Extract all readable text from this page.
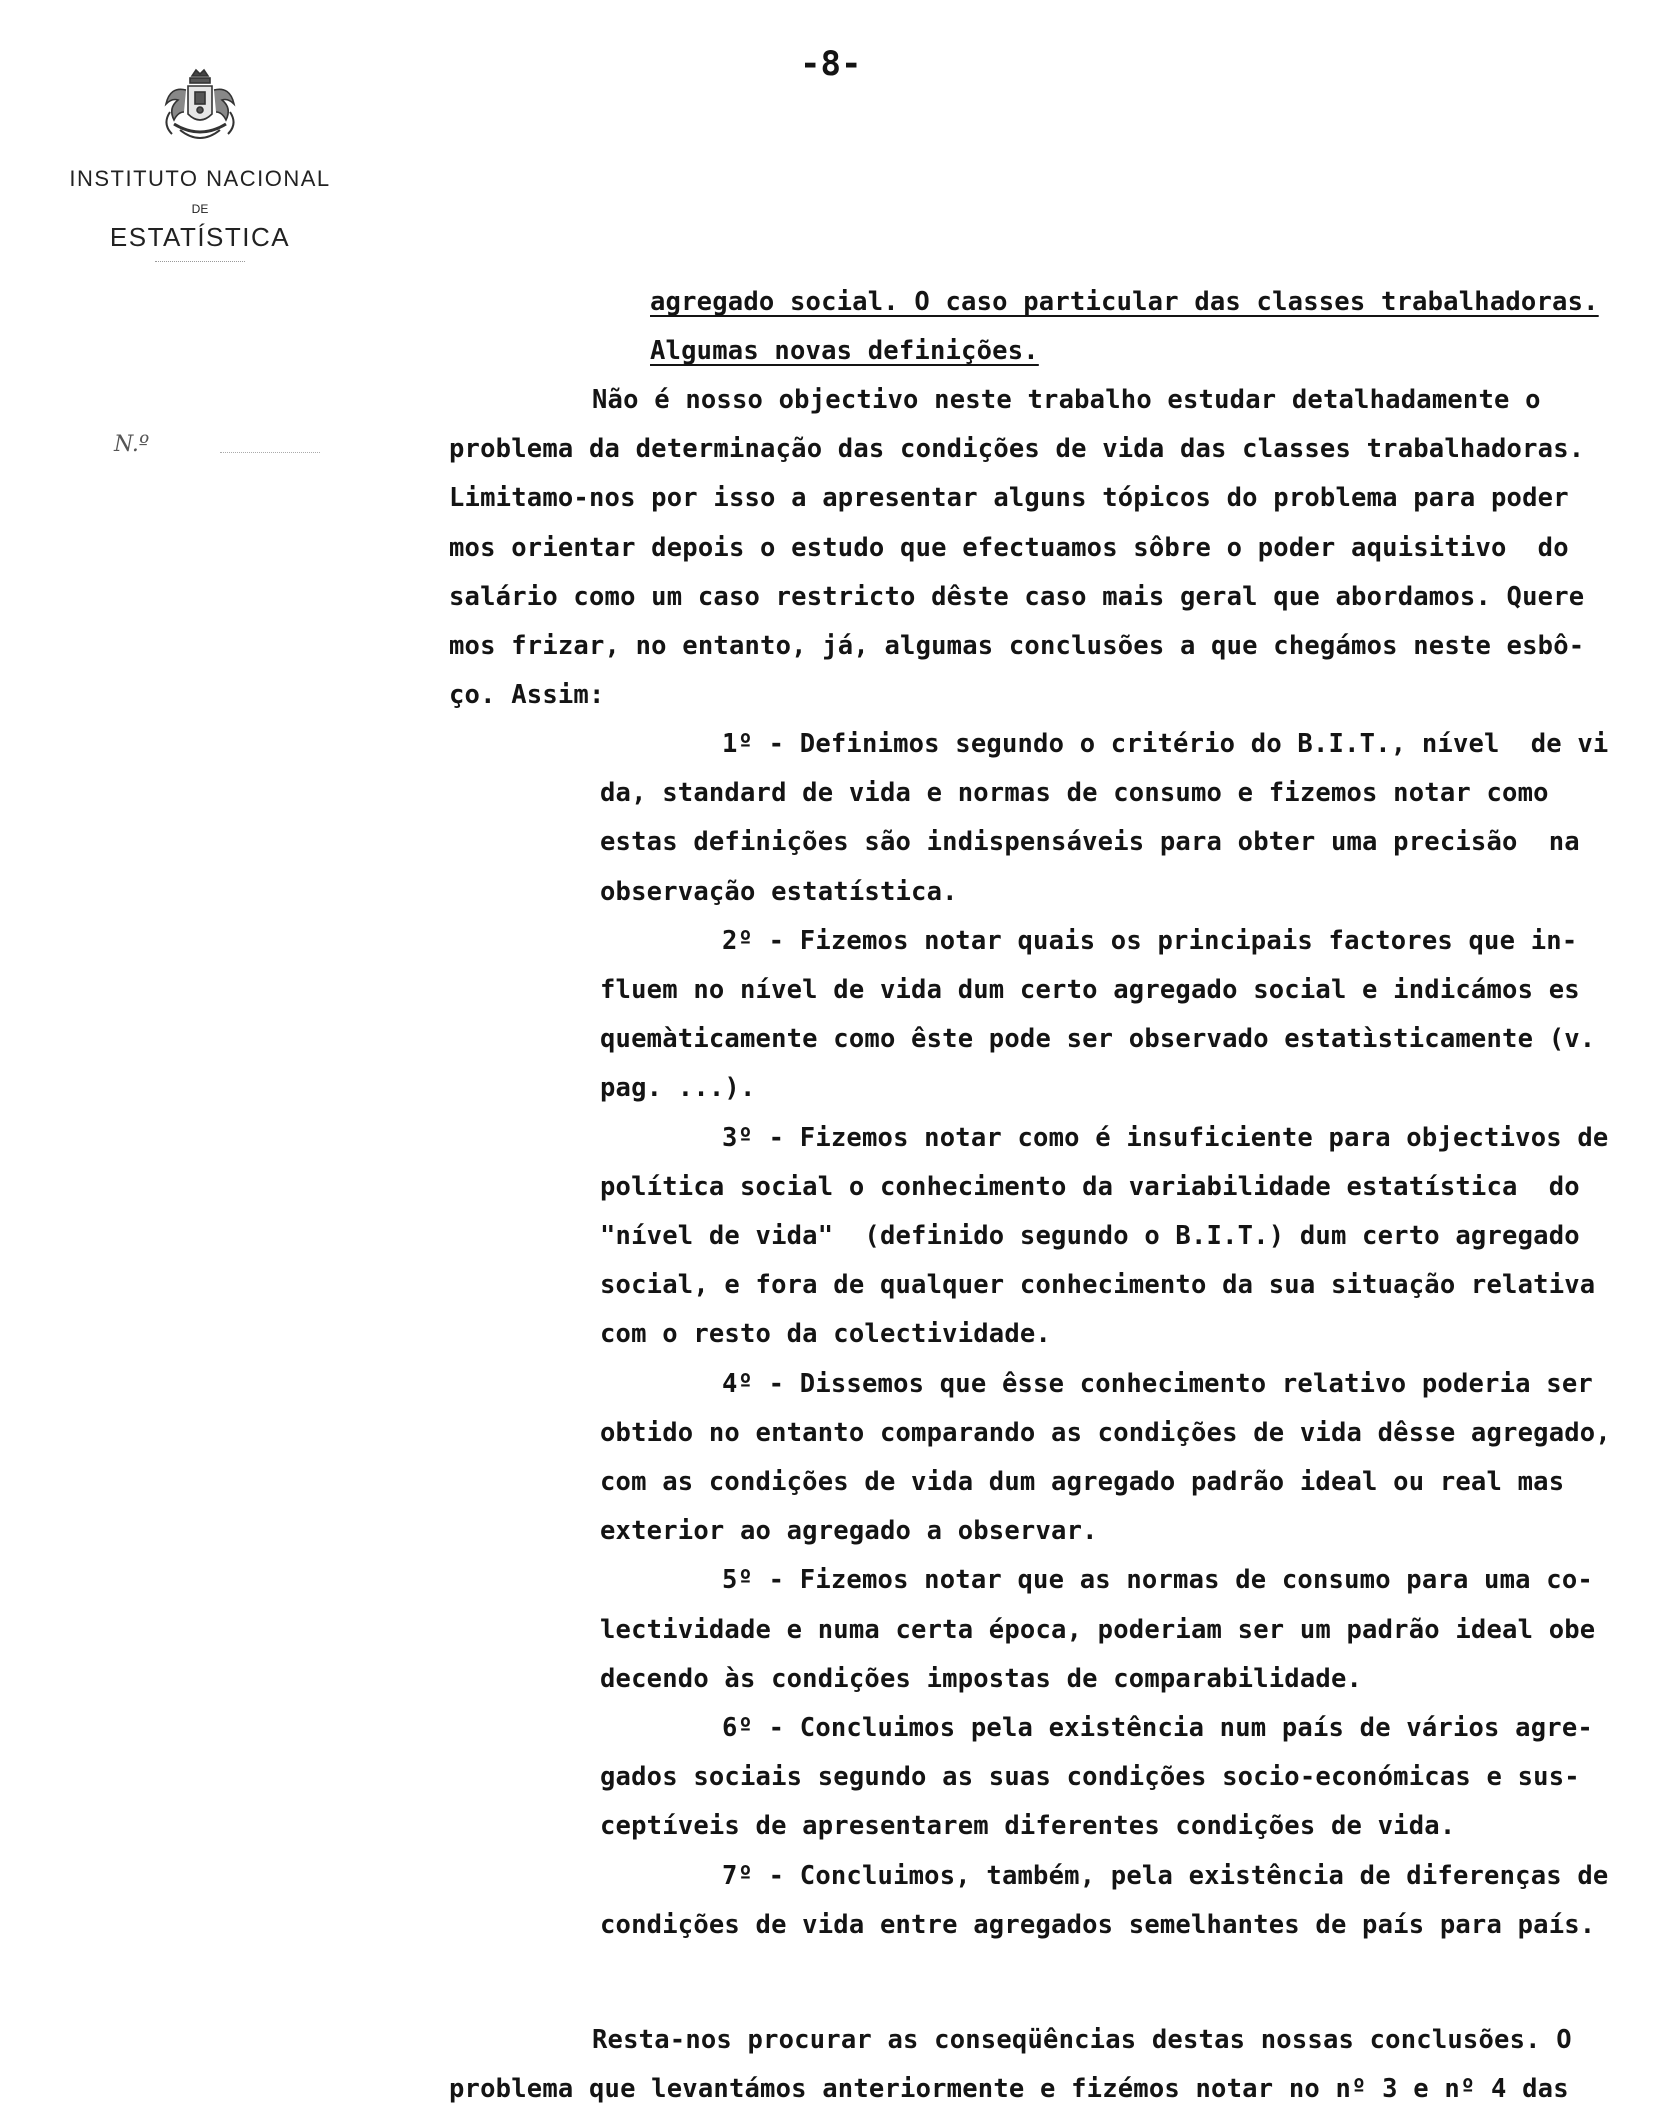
-8-
INSTITUTO NACIONAL
DE
ESTATÍSTICA
N.º
agregado social. O caso particular das classes trabalhadoras.
Algumas novas definições.
Não é nosso objectivo neste trabalho estudar detalhadamente o
problema da determinação das condições de vida das classes trabalhadoras.
Limitamo-nos por isso a apresentar alguns tópicos do problema para poder
mos orientar depois o estudo que efectuamos sôbre o poder aquisitivo  do
salário como um caso restricto dêste caso mais geral que abordamos. Quere
mos frizar, no entanto, já, algumas conclusões a que chegámos neste esbô-
ço. Assim:
1º - Definimos segundo o critério do B.I.T., nível  de vi
da, standard de vida e normas de consumo e fizemos notar como
estas definições são indispensáveis para obter uma precisão  na
observação estatística.
2º - Fizemos notar quais os principais factores que in-
fluem no nível de vida dum certo agregado social e indicámos es
quemàticamente como êste pode ser observado estatìsticamente (v.
pag. ...).
3º - Fizemos notar como é insuficiente para objectivos de
política social o conhecimento da variabilidade estatística  do
"nível de vida"  (definido segundo o B.I.T.) dum certo agregado
social, e fora de qualquer conhecimento da sua situação relativa
com o resto da colectividade.
4º - Dissemos que êsse conhecimento relativo poderia ser
obtido no entanto comparando as condições de vida dêsse agregado,
com as condições de vida dum agregado padrão ideal ou real mas
exterior ao agregado a observar.
5º - Fizemos notar que as normas de consumo para uma co-
lectividade e numa certa época, poderiam ser um padrão ideal obe
decendo às condições impostas de comparabilidade.
6º - Concluimos pela existência num país de vários agre-
gados sociais segundo as suas condições socio-económicas e sus-
ceptíveis de apresentarem diferentes condições de vida.
7º - Concluimos, também, pela existência de diferenças de
condições de vida entre agregados semelhantes de país para país.
Resta-nos procurar as conseqüências destas nossas conclusões. O
problema que levantámos anteriormente e fizémos notar no nº 3 e nº 4 das
